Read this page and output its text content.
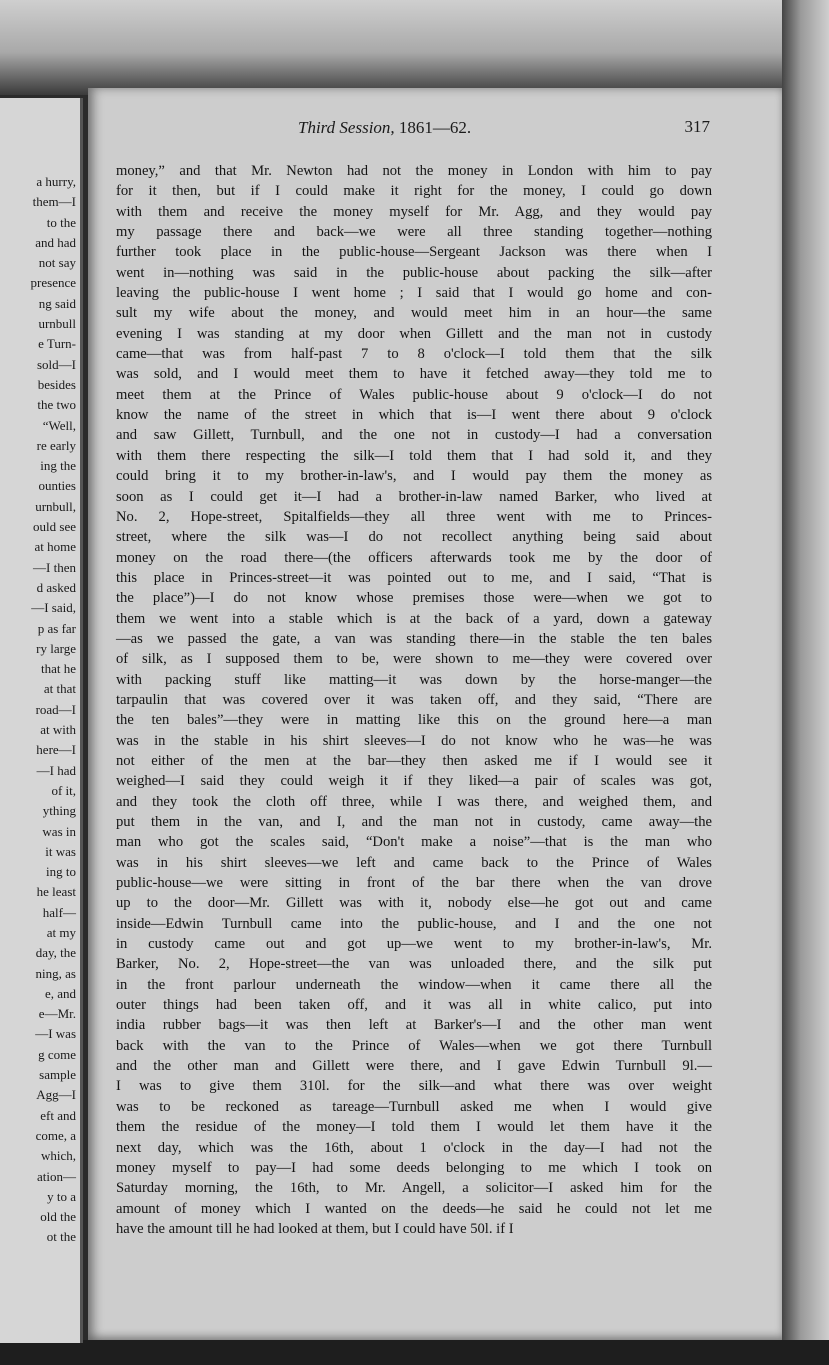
a hurry,
them—I
to the
and had
not say
presence
ng said
urnbull
e Turn-
sold—I
besides
the two
“Well,
re early
ing the
ounties
urnbull,
ould see
at home
—I then
d asked
—I said,
p as far
ry large
that he
at that
road—I
at with
here—I
—I had
of it,
ything
was in
it was
ing to
he least
half—
at my
day, the
ning, as
e, and
e—Mr.
—I was
g come
sample
Agg—I
eft and
come, a
which,
ation—
y to a
old the
ot the
Third Session, 1861—62.	317
money,” and that Mr. Newton had not the money in London with him to pay
for it then, but if I could make it right for the money, I could go down
with them and receive the money myself for Mr. Agg, and they would pay
my passage there and back—we were all three standing together—nothing
further took place in the public-house—Sergeant Jackson was there when I
went in—nothing was said in the public-house about packing the silk—after
leaving the public-house I went home ; I said that I would go home and con-
sult my wife about the money, and would meet him in an hour—the same
evening I was standing at my door when Gillett and the man not in custody
came—that was from half-past 7 to 8 o'clock—I told them that the silk
was sold, and I would meet them to have it fetched away—they told me to
meet them at the Prince of Wales public-house about 9 o'clock—I do not
know the name of the street in which that is—I went there about 9 o'clock
and saw Gillett, Turnbull, and the one not in custody—I had a conversation
with them there respecting the silk—I told them that I had sold it, and they
could bring it to my brother-in-law's, and I would pay them the money as
soon as I could get it—I had a brother-in-law named Barker, who lived at
No. 2, Hope-street, Spitalfields—they all three went with me to Princes-
street, where the silk was—I do not recollect anything being said about
money on the road there—(the officers afterwards took me by the door of
this place in Princes-street—it was pointed out to me, and I said, “That is
the place”)—I do not know whose premises those were—when we got to
them we went into a stable which is at the back of a yard, down a gateway
—as we passed the gate, a van was standing there—in the stable the ten bales
of silk, as I supposed them to be, were shown to me—they were covered over
with packing stuff like matting—it was down by the horse-manger—the
tarpaulin that was covered over it was taken off, and they said, “There are
the ten bales”—they were in matting like this on the ground here—a man
was in the stable in his shirt sleeves—I do not know who he was—he was
not either of the men at the bar—they then asked me if I would see it
weighed—I said they could weigh it if they liked—a pair of scales was got,
and they took the cloth off three, while I was there, and weighed them, and
put them in the van, and I, and the man not in custody, came away—the
man who got the scales said, “Don't make a noise”—that is the man who
was in his shirt sleeves—we left and came back to the Prince of Wales
public-house—we were sitting in front of the bar there when the van drove
up to the door—Mr. Gillett was with it, nobody else—he got out and came
inside—Edwin Turnbull came into the public-house, and I and the one not
in custody came out and got up—we went to my brother-in-law's, Mr.
Barker, No. 2, Hope-street—the van was unloaded there, and the silk put
in the front parlour underneath the window—when it came there all the
outer things had been taken off, and it was all in white calico, put into
india rubber bags—it was then left at Barker's—I and the other man went
back with the van to the Prince of Wales—when we got there Turnbull
and the other man and Gillett were there, and I gave Edwin Turnbull 9l.—
I was to give them 310l. for the silk—and what there was over weight
was to be reckoned as tareage—Turnbull asked me when I would give
them the residue of the money—I told them I would let them have it the
next day, which was the 16th, about 1 o'clock in the day—I had not the
money myself to pay—I had some deeds belonging to me which I took on
Saturday morning, the 16th, to Mr. Angell, a solicitor—I asked him for the
amount of money which I wanted on the deeds—he said he could not let me
have the amount till he had looked at them, but I could have 50l. if I
